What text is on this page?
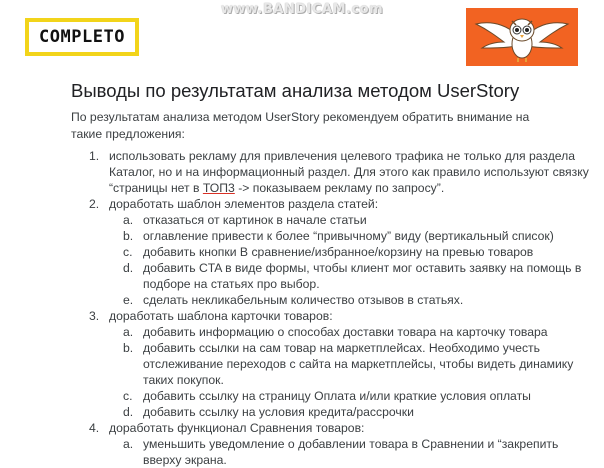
www.BANDICAM.com
COMPLETO
Выводы по результатам анализа методом UserStory
По результатам анализа методом UserStory рекомендуем обратить внимание на такие предложения:
1. использовать рекламу для привлечения целевого трафика не только для раздела Каталог, но и на информационный раздел. Для этого как правило используют связку “страницы нет в ТОП3 -> показываем рекламу по запросу”.
2. доработать шаблон элементов раздела статей:
a. отказаться от картинок в начале статьи
b. оглавление привести к более “привычному” виду (вертикальный список)
c. добавить кнопки В сравнение/избранное/корзину на превью товаров
d. добавить CTA в виде формы, чтобы клиент мог оставить заявку на помощь в подборе на статьях про выбор.
e. сделать некликабельным количество отзывов в статьях.
3. доработать шаблона карточки товаров:
a. добавить информацию о способах доставки товара на карточку товара
b. добавить ссылки на сам товар на маркетплейсах. Необходимо учесть отслеживание переходов с сайта на маркетплейсы, чтобы видеть динамику таких покупок.
c. добавить ссылку на страницу Оплата и/или краткие условия оплаты
d. добавить ссылку на условия кредита/рассрочки
4. доработать функционал Сравнения товаров:
a. уменьшить уведомление о добавлении товара в Сравнении и “закрепить вверху экрана.
